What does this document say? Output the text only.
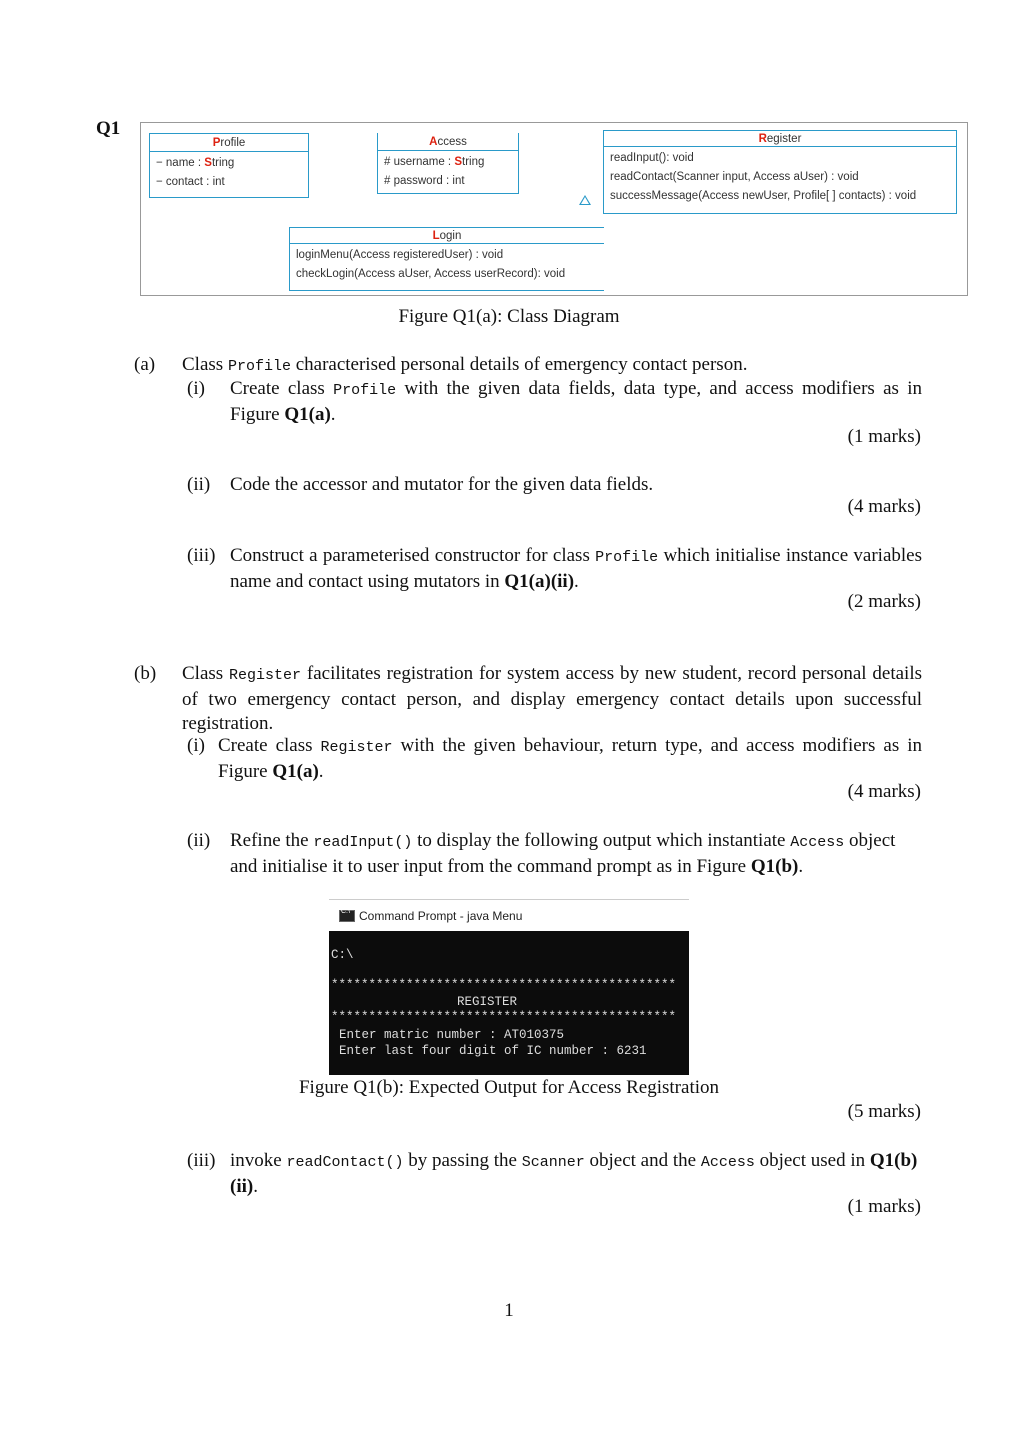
Q1
Profile
− name : String
− contact : int
Access
# username : String
# password : int
Register
readInput(): void
readContact(Scanner input, Access aUser) : void
successMessage(Access newUser, Profile[ ] contacts) : void
Login
loginMenu(Access registeredUser) : void
checkLogin(Access aUser, Access userRecord): void
Figure Q1(a): Class Diagram
(a) Class Profile characterised personal details of emergency contact person.
(i) Create class Profile with the given data fields, data type, and access modifiers as in Figure Q1(a).
(1 marks)
(ii) Code the accessor and mutator for the given data fields.
(4 marks)
(iii) Construct a parameterised constructor for class Profile which initialise instance variables name and contact using mutators in Q1(a)(ii).
(2 marks)
(b) Class Register facilitates registration for system access by new student, record personal details of two emergency contact person, and display emergency contact details upon successful registration.
(i) Create class Register with the given behaviour, return type, and access modifiers as in Figure Q1(a).
(4 marks)
(ii) Refine the readInput() to display the following output which instantiate Access object and initialise it to user input from the command prompt as in Figure Q1(b).
C:\
Command Prompt - java Menu
C:\
**********************************************
REGISTER
**********************************************
Enter matric number : AT010375
Enter last four digit of IC number : 6231
Figure Q1(b): Expected Output for Access Registration
(5 marks)
(iii) invoke readContact() by passing the Scanner object and the Access object used in Q1(b)(ii).
(1 marks)
1
